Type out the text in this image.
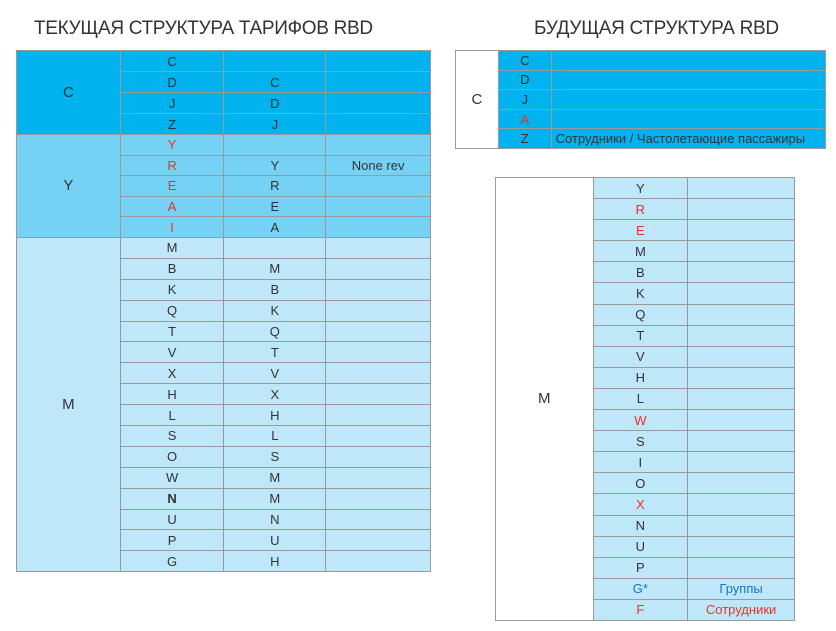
ТЕКУЩАЯ СТРУКТУРА ТАРИФОВ RBD	БУДУЩАЯ СТРУКТУРА RBD
C	C		
	D	C	
	J	D	
	Z	J	
Y	Y		
	R	Y	None rev
	E	R	
	A	E	
	I	A	
M	M		
	B	M	
	K	B	
	Q	K	
	T	Q	
	V	T	
	X	V	
	H	X	
	L	H	
	S	L	
	O	S	
	W	M	
	N	M	
	U	N	
	P	U	
	G	H	
C	C	
	D	
	J	
	A	
	Z	Сотрудники / Частолетающие пассажиры
M	Y	
	R	
	E	
	M	
	B	
	K	
	Q	
	T	
	V	
	H	
	L	
	W	
	S	
	I	
	O	
	X	
	N	
	U	
	P	
	G*	Группы
	F	Сотрудники
